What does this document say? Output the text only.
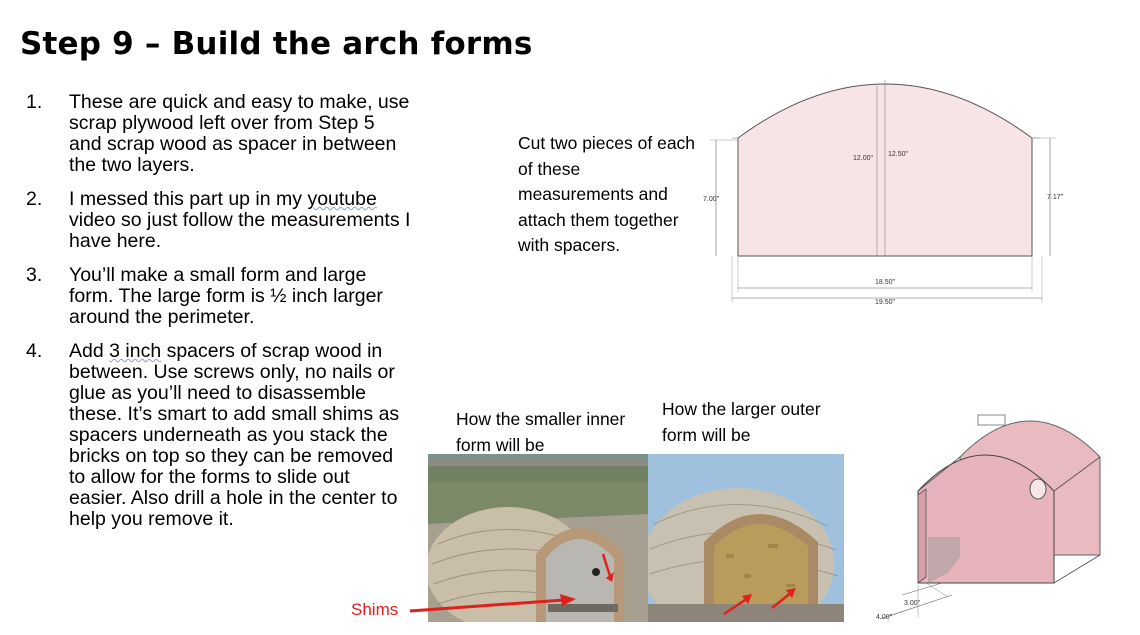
Step 9 – Build the arch forms
1.	These are quick and easy to make, use scrap plywood left over from Step 5 and scrap wood as spacer in between the two layers.
2.	I messed this part up in my youtube video so just follow the measurements I have here.
3.	You’ll make a small form and large form. The large form is ½ inch larger around the perimeter.
4.	Add 3 inch spacers of scrap wood in between. Use screws only, no nails or glue as you’ll need to disassemble these. It’s smart to add small shims as spacers underneath as you stack the bricks on top so they can be removed to allow for the forms to slide out easier. Also drill a hole in the center to help you remove it.
Cut two pieces of each of these measurements and attach them together with spacers.
12.00"
12.50"
7.00"	7.17"
18.50"
19.50"
How the smaller inner form will be
How the larger outer form will be
Shims	3.00"
4.00"
